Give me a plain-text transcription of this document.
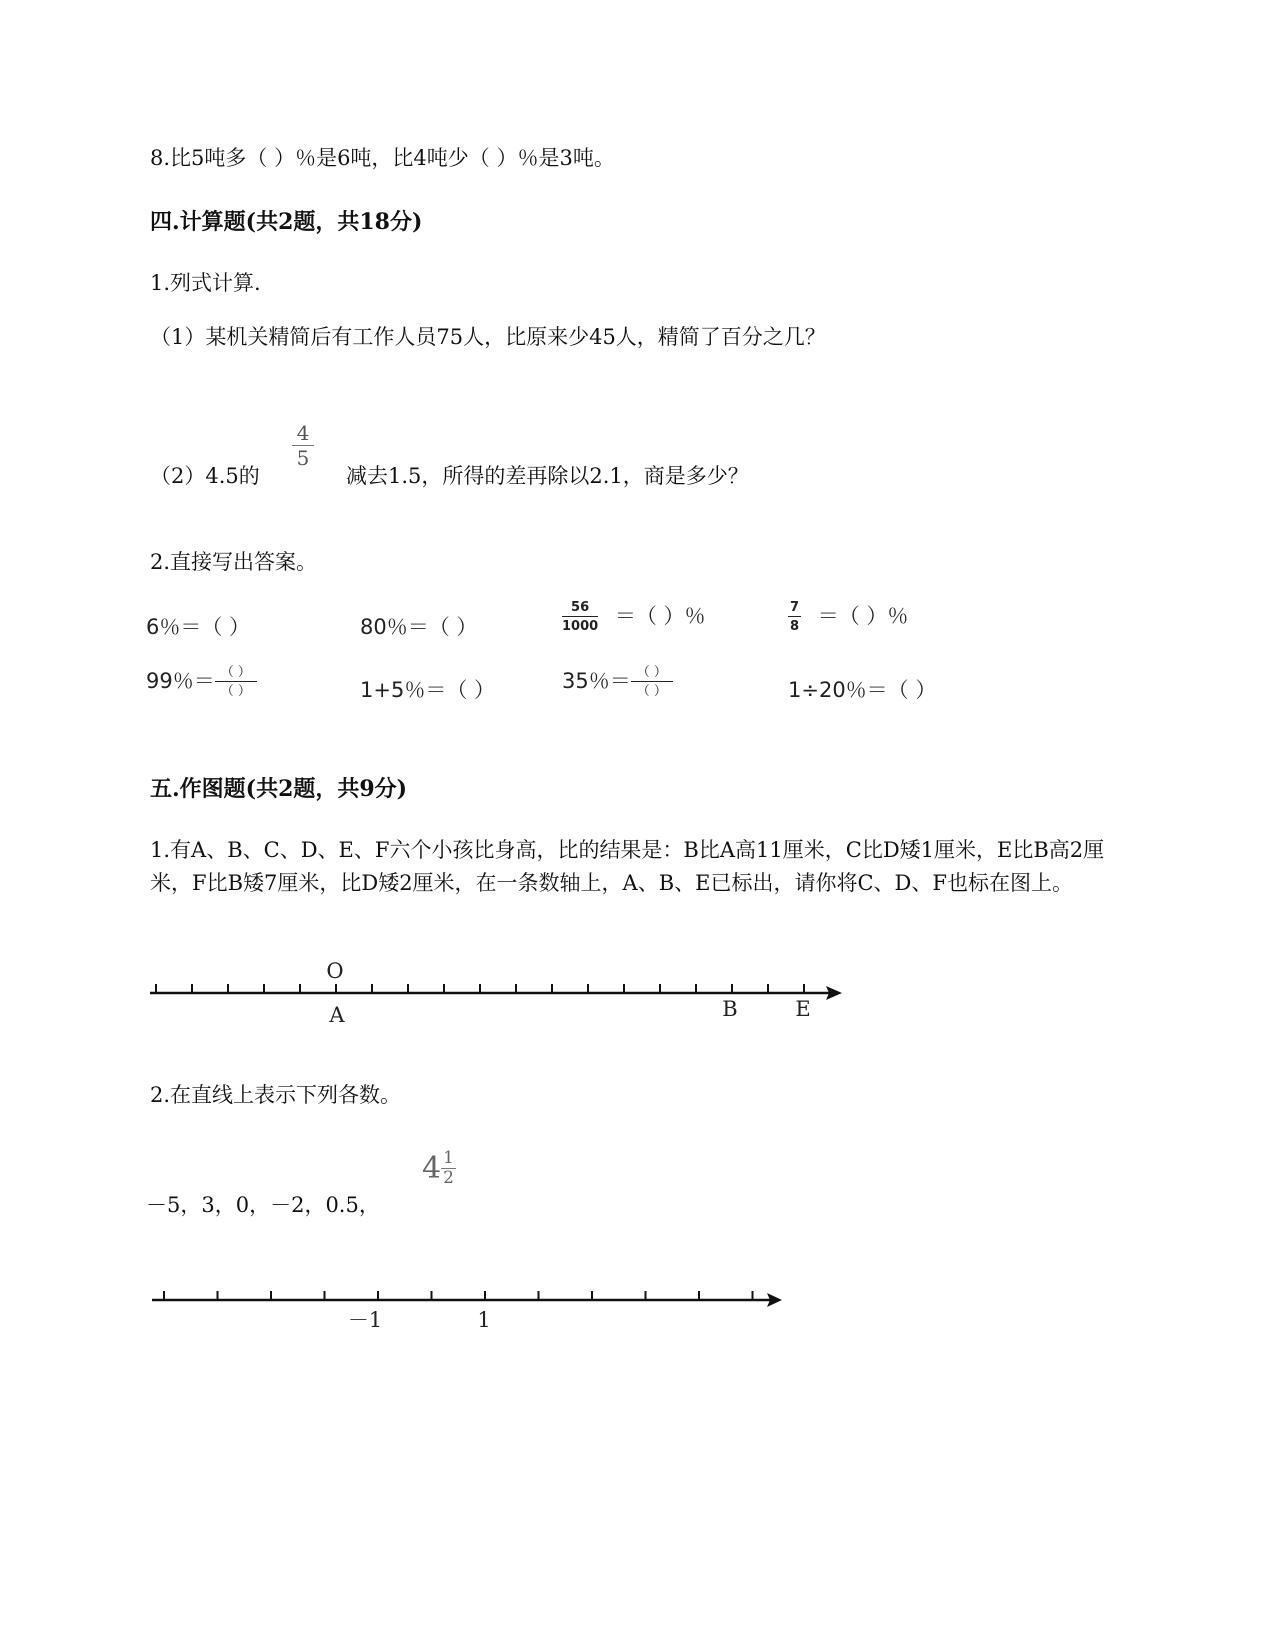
8.比5吨多（ ）％是6吨，比4吨少（ ）％是3吨。
四.计算题(共2题，共18分)
1.列式计算.
（1）某机关精简后有工作人员75人，比原来少45人，精简了百分之几？
（2）4.5的
4
5
减去1.5，所得的差再除以2.1，商是多少？
2.直接写出答案。
6％＝（ ）	80％＝（ ）	$\frac{56}{1000}$ ＝（ ）％	$\frac{7}{8}$ ＝（ ）％
99％＝ $\frac{( )}{( )}$	1+5％＝（ ）	35％＝ $\frac{( )}{( )}$	1÷20％＝（ ）
五.作图题(共2题，共9分)
1.有A、B、C、D、E、F六个小孩比身高，比的结果是：B比A高11厘米，C比D矮1厘米，E比B高2厘米，F比B矮7厘米，比D矮2厘米，在一条数轴上，A、B、E已标出，请你将C、D、F也标在图上。
O
A	B	E
－1	1
2.在直线上表示下列各数。
－5，3，0，－2，0.5，
$4 \frac{1}{2}$
